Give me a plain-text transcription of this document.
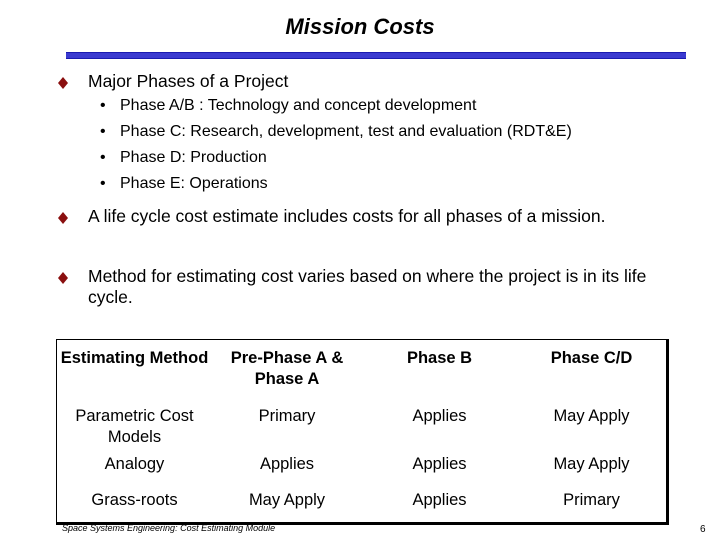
Mission Costs
Major Phases of a Project
• Phase A/B : Technology and concept development
• Phase C: Research, development, test and evaluation (RDT&E)
• Phase D: Production
• Phase E: Operations
A life cycle cost estimate includes costs for all phases of a mission.
Method for estimating cost varies based on where the project is in its life cycle.
Estimating Method	Pre-Phase A & Phase A	Phase B	Phase C/D
Parametric Cost Models	Primary	Applies	May Apply
Analogy	Applies	Applies	May Apply
Grass-roots	May Apply	Applies	Primary
Space Systems Engineering: Cost Estimating Module	6
